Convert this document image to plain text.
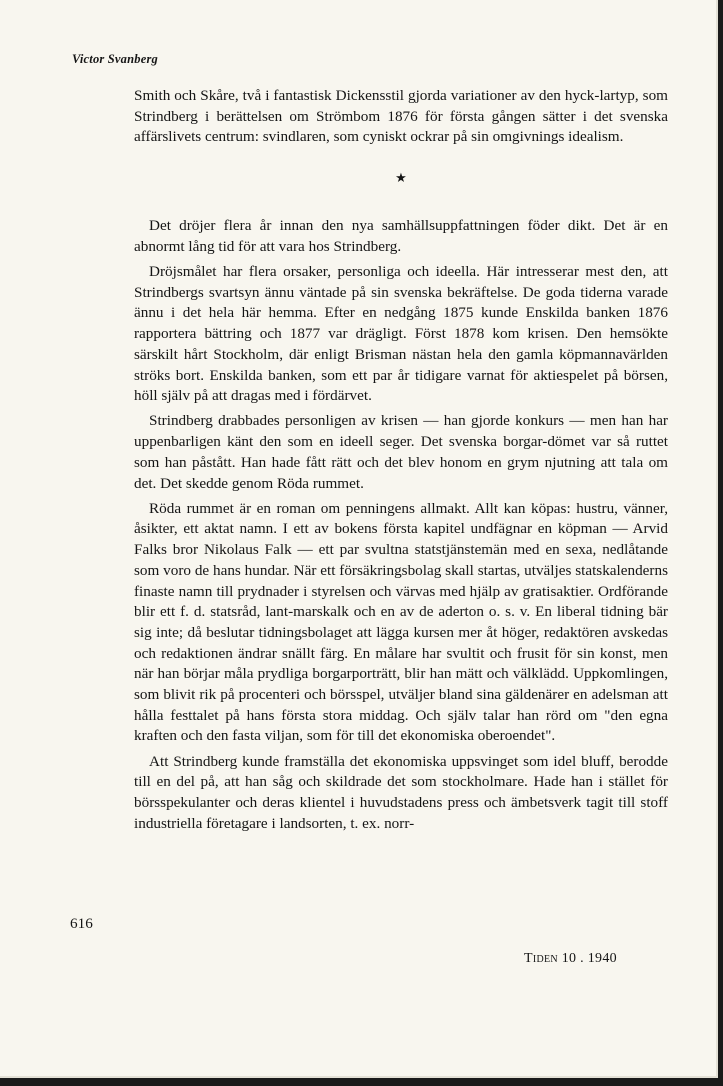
Victor Svanberg

Smith och Skåre, två i fantastisk Dickensstil gjorda variationer av den hyck-lartyp, som Strindberg i berättelsen om Strömbom 1876 för första gången sätter i det svenska affärslivets centrum: svindlaren, som cyniskt ockrar på sin omgivnings idealism.

★

Det dröjer flera år innan den nya samhällsuppfattningen föder dikt. Det är en abnormt lång tid för att vara hos Strindberg.

Dröjsmålet har flera orsaker, personliga och ideella. Här intresserar mest den, att Strindbergs svartsyn ännu väntade på sin svenska bekräftelse. De goda tiderna varade ännu i det hela här hemma. Efter en nedgång 1875 kunde Enskilda banken 1876 rapportera bättring och 1877 var drägligt. Först 1878 kom krisen. Den hemsökte särskilt hårt Stockholm, där enligt Brisman nästan hela den gamla köpmannavärlden ströks bort. Enskilda banken, som ett par år tidigare varnat för aktiespelet på börsen, höll själv på att dragas med i fördärvet.

Strindberg drabbades personligen av krisen — han gjorde konkurs — men han har uppenbarligen känt den som en ideell seger. Det svenska borgar-dömet var så ruttet som han påstått. Han hade fått rätt och det blev honom en grym njutning att tala om det. Det skedde genom Röda rummet.

Röda rummet är en roman om penningens allmakt. Allt kan köpas: hustru, vänner, åsikter, ett aktat namn. I ett av bokens första kapitel undfägnar en köpman — Arvid Falks bror Nikolaus Falk — ett par svultna statstjänstemän med en sexa, nedlåtande som voro de hans hundar. När ett försäkringsbolag skall startas, utväljes statskalenderns finaste namn till prydnader i styrelsen och värvas med hjälp av gratisaktier. Ordförande blir ett f. d. statsråd, lant-marskalk och en av de aderton o. s. v. En liberal tidning bär sig inte; då beslutar tidningsbolaget att lägga kursen mer åt höger, redaktören avskedas och redaktionen ändrar snällt färg. En målare har svultit och frusit för sin konst, men när han börjar måla prydliga borgarporträtt, blir han mätt och välklädd. Uppkomlingen, som blivit rik på procenteri och börsspel, utväljer bland sina gäldenärer en adelsman att hålla festtalet på hans första stora middag. Och själv talar han rörd om "den egna kraften och den fasta viljan, som för till det ekonomiska oberoendet".

Att Strindberg kunde framställa det ekonomiska uppsvinget som idel bluff, berodde till en del på, att han såg och skildrade det som stockholmare. Hade han i stället för börsspekulanter och deras klientel i huvudstadens press och ämbetsverk tagit till stoff industriella företagare i landsorten, t. ex. norr-

616
Tiden 10 . 1940
